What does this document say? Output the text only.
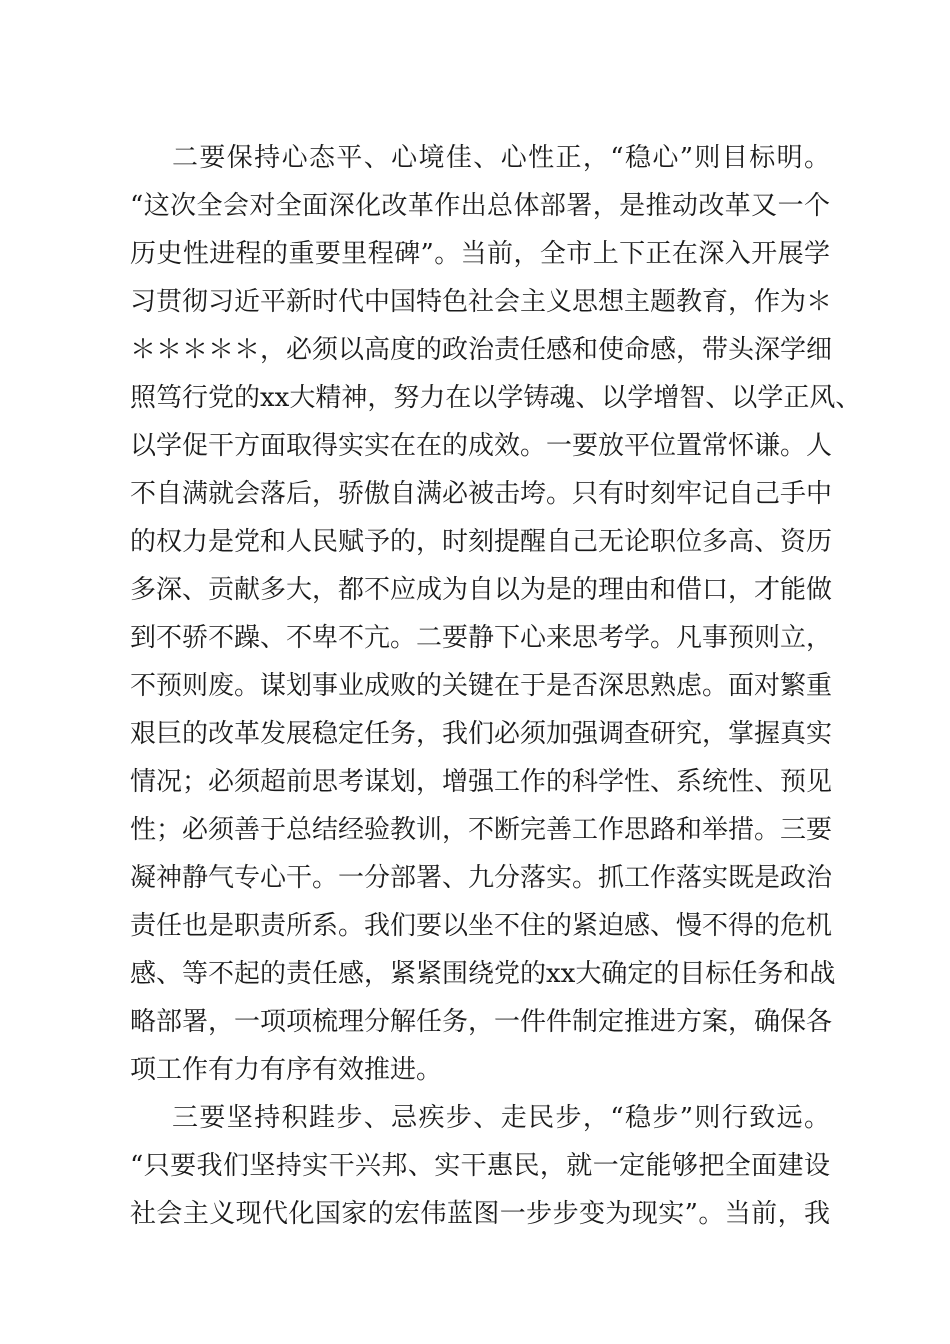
二要保持心态平、心境佳、心性正，“稳心”则目标明。
“这次全会对全面深化改革作出总体部署，是推动改革又一个
历史性进程的重要里程碑”。当前，全市上下正在深入开展学
习贯彻习近平新时代中国特色社会主义思想主题教育，作为＊
＊＊＊＊＊，必须以高度的政治责任感和使命感，带头深学细
照笃行党的xx大精神，努力在以学铸魂、以学增智、以学正风、
以学促干方面取得实实在在的成效。一要放平位置常怀谦。人
不自满就会落后，骄傲自满必被击垮。只有时刻牢记自己手中
的权力是党和人民赋予的，时刻提醒自己无论职位多高、资历
多深、贡献多大，都不应成为自以为是的理由和借口，才能做
到不骄不躁、不卑不亢。二要静下心来思考学。凡事预则立，
不预则废。谋划事业成败的关键在于是否深思熟虑。面对繁重
艰巨的改革发展稳定任务，我们必须加强调查研究，掌握真实
情况；必须超前思考谋划，增强工作的科学性、系统性、预见
性；必须善于总结经验教训，不断完善工作思路和举措。三要
凝神静气专心干。一分部署、九分落实。抓工作落实既是政治
责任也是职责所系。我们要以坐不住的紧迫感、慢不得的危机
感、等不起的责任感，紧紧围绕党的xx大确定的目标任务和战
略部署，一项项梳理分解任务，一件件制定推进方案，确保各
项工作有力有序有效推进。
三要坚持积跬步、忌疾步、走民步，“稳步”则行致远。
“只要我们坚持实干兴邦、实干惠民，就一定能够把全面建设
社会主义现代化国家的宏伟蓝图一步步变为现实”。当前，我
